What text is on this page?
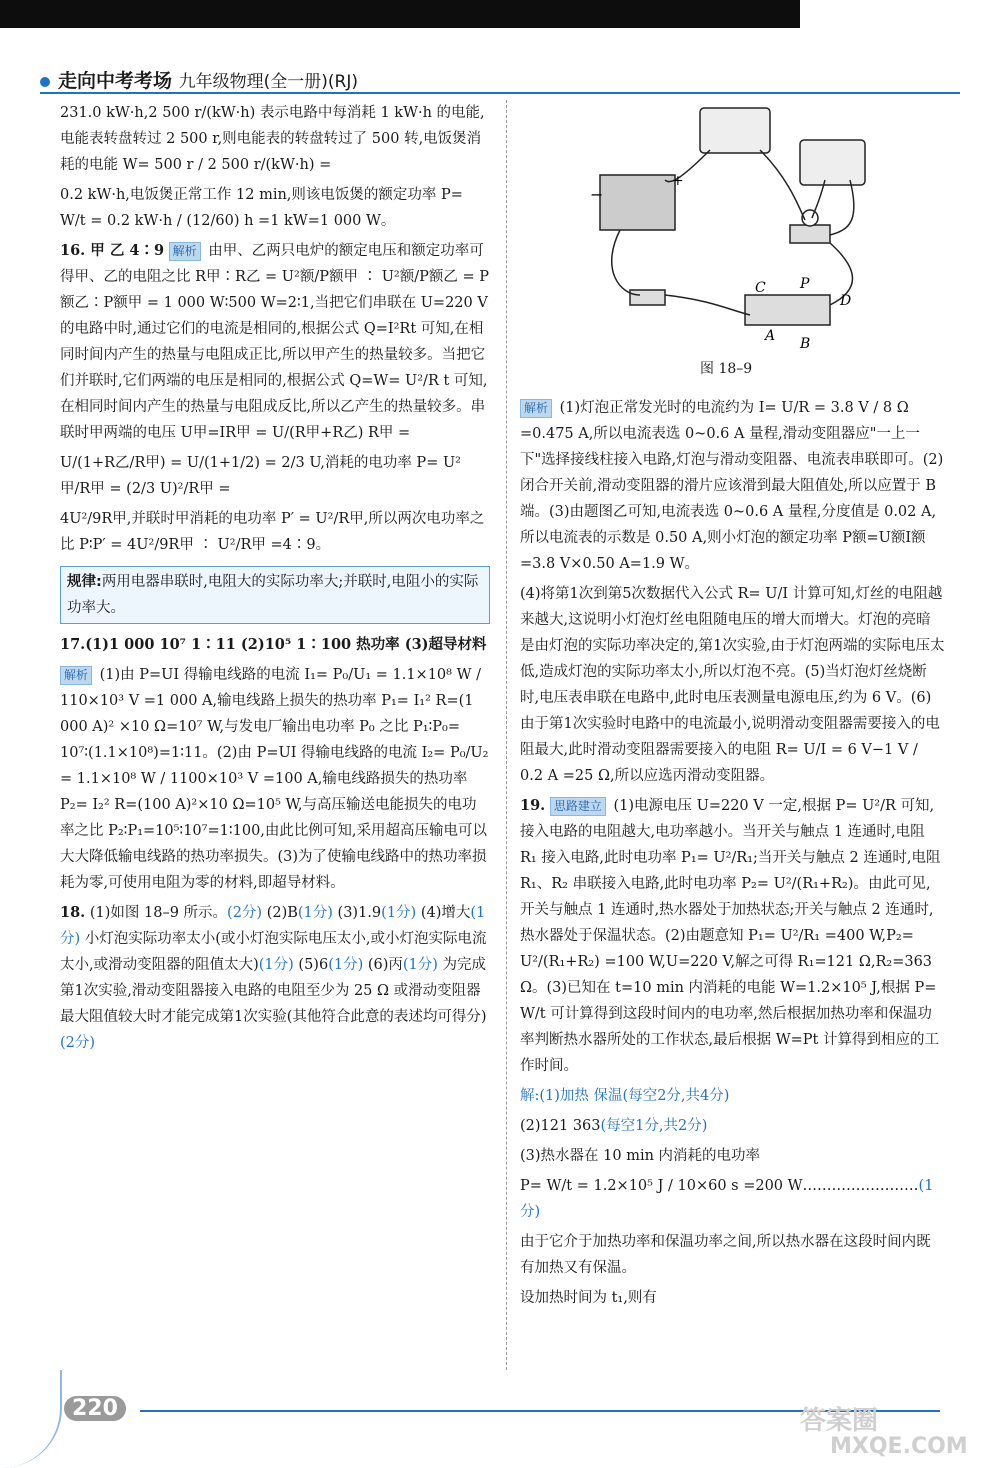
走向中考考场 九年级物理(全一册)(RJ)

231.0 kW·h,2 500 r/(kW·h) 表示电路中每消耗 1 kW·h 的电能,电能表转盘转过 2 500 r,则电能表的转盘转过了 500 转,电饭煲消耗的电能 W= 500 r / 2 500 r/(kW·h) =

0.2 kW·h,电饭煲正常工作 12 min,则该电饭煲的额定功率 P= W/t = 0.2 kW·h / (12/60) h =1 kW=1 000 W。

16. 甲 乙 4∶9 解析 由甲、乙两只电炉的额定电压和额定功率可得甲、乙的电阻之比 R甲∶R乙 = U²额/P额甲 ∶ U²额/P额乙 = P额乙∶P额甲 = 1 000 W∶500 W=2∶1,当把它们串联在 U=220 V 的电路中时,通过它们的电流是相同的,根据公式 Q=I²Rt 可知,在相同时间内产生的热量与电阻成正比,所以甲产生的热量较多。当把它们并联时,它们两端的电压是相同的,根据公式 Q=W= U²/R t 可知,在相同时间内产生的热量与电阻成反比,所以乙产生的热量较多。串联时甲两端的电压 U甲=IR甲 = U/(R甲+R乙) R甲 =

U/(1+R乙/R甲) = U/(1+1/2) = 2/3 U,消耗的电功率 P= U²甲/R甲 = (2/3 U)²/R甲 =

4U²/9R甲,并联时甲消耗的电功率 P′ = U²/R甲,所以两次电功率之比 P∶P′ = 4U²/9R甲 ∶ U²/R甲 =4∶9。

规律:两用电器串联时,电阻大的实际功率大;并联时,电阻小的实际功率大。

17.(1)1 000 10⁷ 1∶11 (2)10⁵ 1∶100 热功率 (3)超导材料

解析 (1)由 P=UI 得输电线路的电流 I₁= P₀/U₁ = 1.1×10⁸ W / 110×10³ V =1 000 A,输电线路上损失的热功率 P₁= I₁² R=(1 000 A)² ×10 Ω=10⁷ W,与发电厂输出电功率 P₀ 之比 P₁∶P₀= 10⁷∶(1.1×10⁸)=1∶11。(2)由 P=UI 得输电线路的电流 I₂= P₀/U₂ = 1.1×10⁸ W / 1100×10³ V =100 A,输电线路损失的热功率 P₂= I₂² R=(100 A)²×10 Ω=10⁵ W,与高压输送电能损失的电功率之比 P₂∶P₁=10⁵∶10⁷=1∶100,由此比例可知,采用超高压输电可以大大降低输电线路的热功率损失。(3)为了使输电线路中的热功率损耗为零,可使用电阻为零的材料,即超导材料。

18. (1)如图 18–9 所示。(2分) (2)B(1分) (3)1.9(1分) (4)增大(1分) 小灯泡实际功率太小(或小灯泡实际电压太小,或小灯泡实际电流太小,或滑动变阻器的阻值太大)(1分) (5)6(1分) (6)丙(1分) 为完成第1次实验,滑动变阻器接入电路的电阻至少为 25 Ω 或滑动变阻器最大阻值较大时才能完成第1次实验(其他符合此意的表述均可得分)(2分)

C P
D
A B
−
+
图 18–9

解析 (1)灯泡正常发光时的电流约为 I= U/R = 3.8 V / 8 Ω =0.475 A,所以电流表选 0~0.6 A 量程,滑动变阻器应"一上一下"选择接线柱接入电路,灯泡与滑动变阻器、电流表串联即可。(2)闭合开关前,滑动变阻器的滑片应该滑到最大阻值处,所以应置于 B 端。(3)由题图乙可知,电流表选 0~0.6 A 量程,分度值是 0.02 A,所以电流表的示数是 0.50 A,则小灯泡的额定功率 P额=U额I额=3.8 V×0.50 A=1.9 W。

(4)将第1次到第5次数据代入公式 R= U/I 计算可知,灯丝的电阻越来越大,这说明小灯泡灯丝电阻随电压的增大而增大。灯泡的亮暗是由灯泡的实际功率决定的,第1次实验,由于灯泡两端的实际电压太低,造成灯泡的实际功率太小,所以灯泡不亮。(5)当灯泡灯丝烧断时,电压表串联在电路中,此时电压表测量电源电压,约为 6 V。(6)由于第1次实验时电路中的电流最小,说明滑动变阻器需要接入的电阻最大,此时滑动变阻器需要接入的电阻 R= U/I = 6 V−1 V / 0.2 A =25 Ω,所以应选丙滑动变阻器。

19. 思路建立 (1)电源电压 U=220 V 一定,根据 P= U²/R 可知,接入电路的电阻越大,电功率越小。当开关与触点 1 连通时,电阻 R₁ 接入电路,此时电功率 P₁= U²/R₁;当开关与触点 2 连通时,电阻 R₁、R₂ 串联接入电路,此时电功率 P₂= U²/(R₁+R₂)。由此可见,开关与触点 1 连通时,热水器处于加热状态;开关与触点 2 连通时,热水器处于保温状态。(2)由题意知 P₁= U²/R₁ =400 W,P₂= U²/(R₁+R₂) =100 W,U=220 V,解之可得 R₁=121 Ω,R₂=363 Ω。(3)已知在 t=10 min 内消耗的电能 W=1.2×10⁵ J,根据 P= W/t 可计算得到这段时间内的电功率,然后根据加热功率和保温功率判断热水器所处的工作状态,最后根据 W=Pt 计算得到相应的工作时间。

解:(1)加热 保温(每空2分,共4分)

(2)121 363(每空1分,共2分)

(3)热水器在 10 min 内消耗的电功率

P= W/t = 1.2×10⁵ J / 10×60 s =200 W……………………(1分)

由于它介于加热功率和保温功率之间,所以热水器在这段时间内既有加热又有保温。

设加热时间为 t₁,则有

220	答案圈
MXQE.COM
